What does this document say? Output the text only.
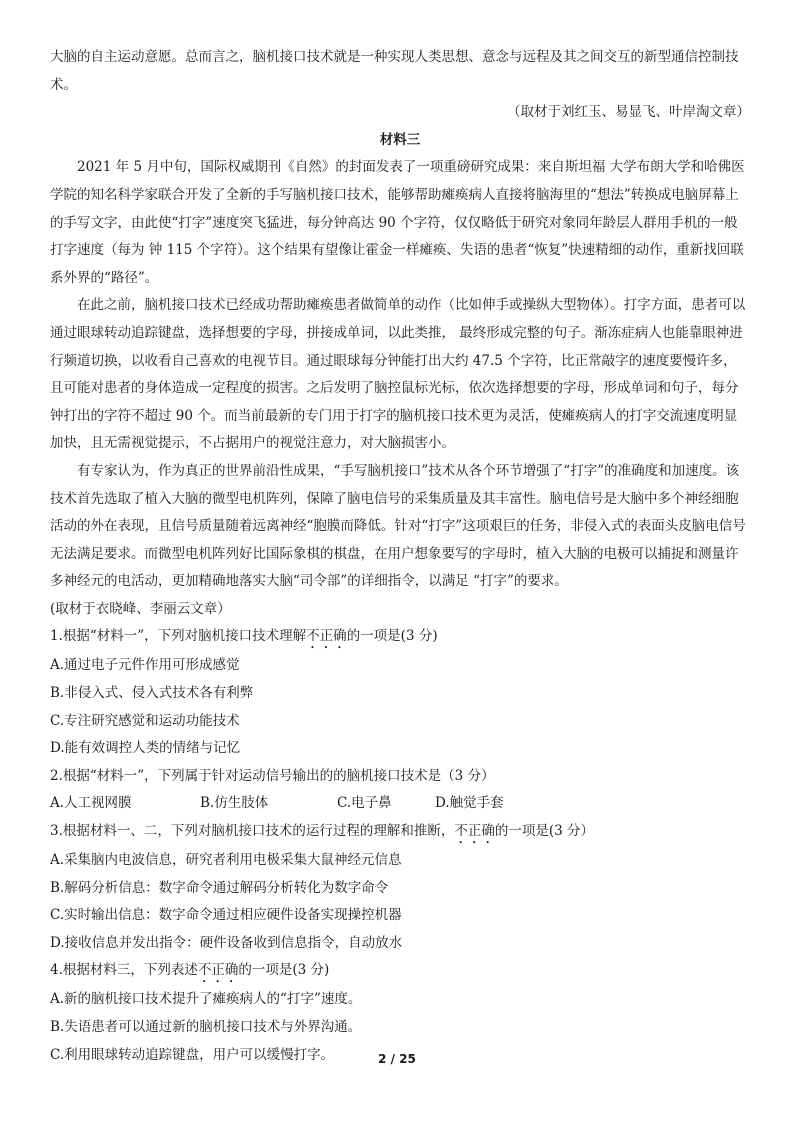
大脑的自主运动意愿。总而言之，脑机接口技术就是一种实现人类思想、意念与远程及其之间交互的新型通信控制技术。

（取材于刘红玉、易显飞、叶岸淘文章）

材料三

2021 年 5 月中旬，国际权威期刊《自然》的封面发表了一项重磅研究成果：来自斯坦福 大学布朗大学和哈佛医学院的知名科学家联合开发了全新的手写脑机接口技术，能够帮助瘫痪病人直接将脑海里的“想法”转换成电脑屏幕上的手写文字，由此使“打字”速度突飞猛进，每分钟高达 90 个字符，仅仅略低于研究对象同年龄层人群用手机的一般打字速度（每为 钟 115 个字符）。这个结果有望像让霍金一样瘫痪、失语的患者“恢复”快速精细的动作，重新找回联系外界的“路径”。

在此之前，脑机接口技术已经成功帮助瘫痪患者做简单的动作（比如伸手或操纵大型物体）。打字方面，患者可以通过眼球转动追踪键盘，选择想要的字母，拼接成单词，以此类推， 最终形成完整的句子。渐冻症病人也能靠眼神进行频道切换，以收看自己喜欢的电视节目。通过眼球每分钟能打出大约 47.5 个字符，比正常敲字的速度要慢许多，且可能对患者的身体造成一定程度的损害。之后发明了脑控鼠标光标，依次选择想要的字母，形成单词和句子，每分钟打出的字符不超过 90 个。而当前最新的专门用于打字的脑机接口技术更为灵活，使瘫痪病人的打字交流速度明显加快，且无需视觉提示，不占据用户的视觉注意力，对大脑损害小。

有专家认为，作为真正的世界前沿性成果，“手写脑机接口”技术从各个环节增强了“打字”的准确度和加速度。该技术首先选取了植入大脑的微型电机阵列，保障了脑电信号的采集质量及其丰富性。脑电信号是大脑中多个神经细胞活动的外在表现，且信号质量随着远离神经“胞膜而降低。针对“打字”这项艰巨的任务，非侵入式的表面头皮脑电信号无法满足要求。而微型电机阵列好比国际象棋的棋盘，在用户想象要写的字母时，植入大脑的电极可以捕捉和测量许多神经元的电活动，更加精确地落实大脑“司令部”的详细指令，以满足 “打字”的要求。

(取材于衣晓峰、李丽云文章）

1.根据“材料一”，下列对脑机接口技术理解不正确的一项是(3 分)

A.通过电子元件作用可形成感觉

B.非侵入式、侵入式技术各有利弊

C.专注研究感觉和运动功能技术

D.能有效调控人类的情绪与记忆

2.根据“材料一”，下列属于针对运动信号输出的的脑机接口技术是（3 分）

A.人工视网膜	B.仿生肢体	C.电子鼻	D.触觉手套

3.根据材料一、二，下列对脑机接口技术的运行过程的理解和推断，不正确的一项是(3 分）

A.采集脑内电波信息，研究者利用电极采集大鼠神经元信息

B.解码分析信息：数字命令通过解码分析转化为数字命令

C.实时输出信息：数字命令通过相应硬件设备实现操控机器

D.接收信息并发出指令：硬件设备收到信息指令，自动放水

4.根据材料三，下列表述不正确的一项是(3 分)

A.新的脑机接口技术提升了瘫痪病人的“打字”速度。

B.失语患者可以通过新的脑机接口技术与外界沟通。

C.利用眼球转动追踪键盘，用户可以缓慢打字。	2 / 25
